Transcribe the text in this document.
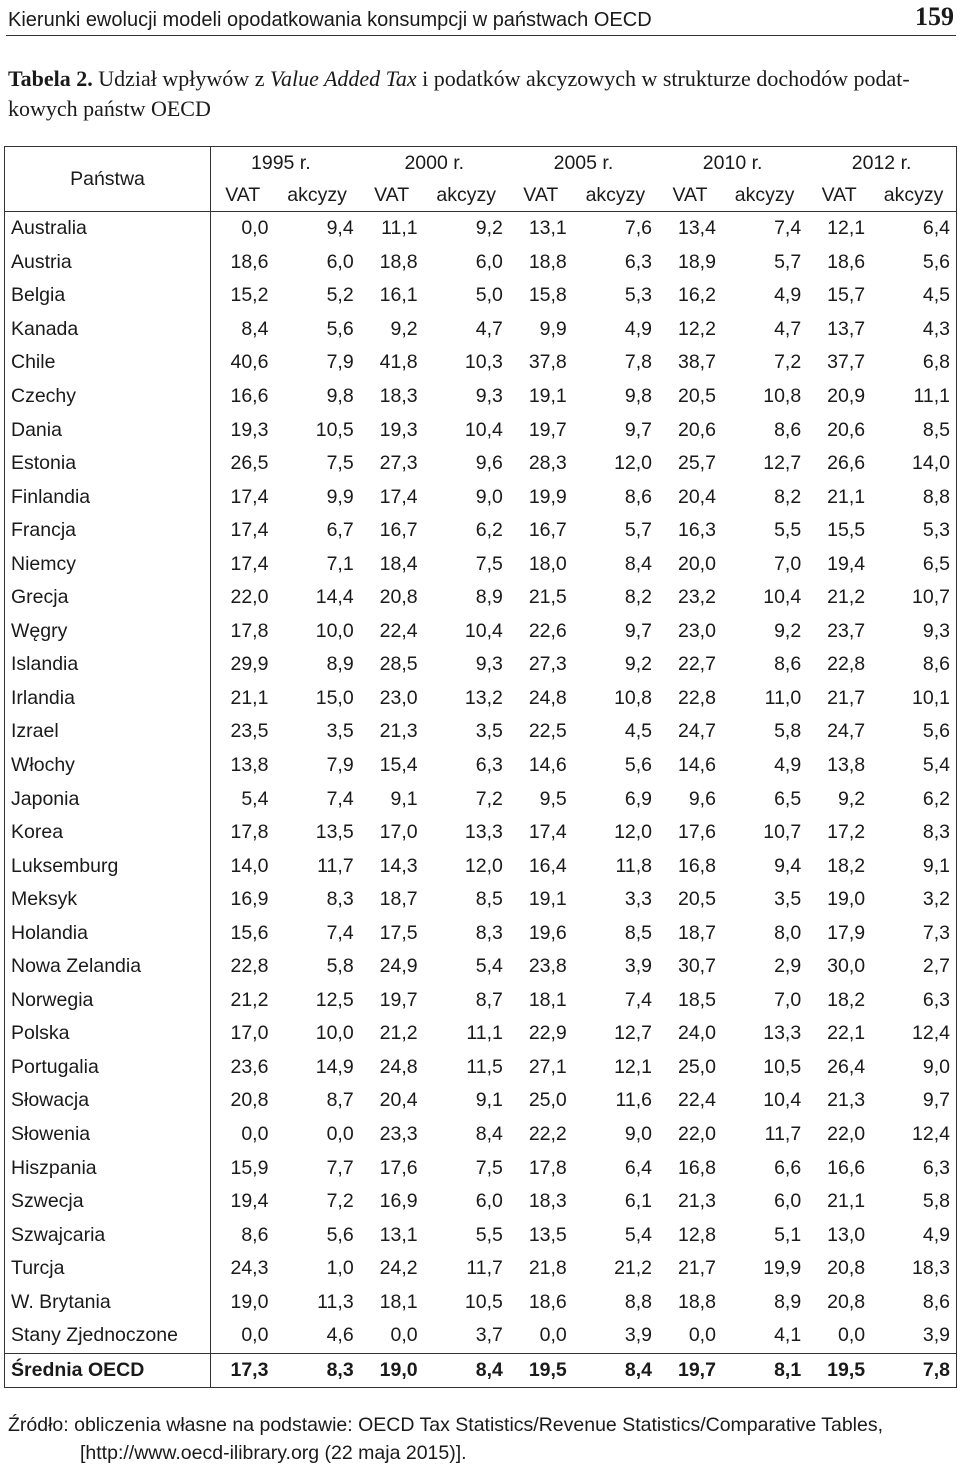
Kierunki ewolucji modeli opodatkowania konsumpcji w państwach OECD	159
Tabela 2. Udział wpływów z Value Added Tax i podatków akcyzowych w strukturze dochodów podat-
kowych państw OECD
Państwa	1995 r.		2000 r.		2005 r.		2010 r.		2012 r.	
	VAT	akcyzy	VAT	akcyzy	VAT	akcyzy	VAT	akcyzy	VAT	akcyzy
Australia	0,0	9,4	11,1	9,2	13,1	7,6	13,4	7,4	12,1	6,4
Austria	18,6	6,0	18,8	6,0	18,8	6,3	18,9	5,7	18,6	5,6
Belgia	15,2	5,2	16,1	5,0	15,8	5,3	16,2	4,9	15,7	4,5
Kanada	8,4	5,6	9,2	4,7	9,9	4,9	12,2	4,7	13,7	4,3
Chile	40,6	7,9	41,8	10,3	37,8	7,8	38,7	7,2	37,7	6,8
Czechy	16,6	9,8	18,3	9,3	19,1	9,8	20,5	10,8	20,9	11,1
Dania	19,3	10,5	19,3	10,4	19,7	9,7	20,6	8,6	20,6	8,5
Estonia	26,5	7,5	27,3	9,6	28,3	12,0	25,7	12,7	26,6	14,0
Finlandia	17,4	9,9	17,4	9,0	19,9	8,6	20,4	8,2	21,1	8,8
Francja	17,4	6,7	16,7	6,2	16,7	5,7	16,3	5,5	15,5	5,3
Niemcy	17,4	7,1	18,4	7,5	18,0	8,4	20,0	7,0	19,4	6,5
Grecja	22,0	14,4	20,8	8,9	21,5	8,2	23,2	10,4	21,2	10,7
Węgry	17,8	10,0	22,4	10,4	22,6	9,7	23,0	9,2	23,7	9,3
Islandia	29,9	8,9	28,5	9,3	27,3	9,2	22,7	8,6	22,8	8,6
Irlandia	21,1	15,0	23,0	13,2	24,8	10,8	22,8	11,0	21,7	10,1
Izrael	23,5	3,5	21,3	3,5	22,5	4,5	24,7	5,8	24,7	5,6
Włochy	13,8	7,9	15,4	6,3	14,6	5,6	14,6	4,9	13,8	5,4
Japonia	5,4	7,4	9,1	7,2	9,5	6,9	9,6	6,5	9,2	6,2
Korea	17,8	13,5	17,0	13,3	17,4	12,0	17,6	10,7	17,2	8,3
Luksemburg	14,0	11,7	14,3	12,0	16,4	11,8	16,8	9,4	18,2	9,1
Meksyk	16,9	8,3	18,7	8,5	19,1	3,3	20,5	3,5	19,0	3,2
Holandia	15,6	7,4	17,5	8,3	19,6	8,5	18,7	8,0	17,9	7,3
Nowa Zelandia	22,8	5,8	24,9	5,4	23,8	3,9	30,7	2,9	30,0	2,7
Norwegia	21,2	12,5	19,7	8,7	18,1	7,4	18,5	7,0	18,2	6,3
Polska	17,0	10,0	21,2	11,1	22,9	12,7	24,0	13,3	22,1	12,4
Portugalia	23,6	14,9	24,8	11,5	27,1	12,1	25,0	10,5	26,4	9,0
Słowacja	20,8	8,7	20,4	9,1	25,0	11,6	22,4	10,4	21,3	9,7
Słowenia	0,0	0,0	23,3	8,4	22,2	9,0	22,0	11,7	22,0	12,4
Hiszpania	15,9	7,7	17,6	7,5	17,8	6,4	16,8	6,6	16,6	6,3
Szwecja	19,4	7,2	16,9	6,0	18,3	6,1	21,3	6,0	21,1	5,8
Szwajcaria	8,6	5,6	13,1	5,5	13,5	5,4	12,8	5,1	13,0	4,9
Turcja	24,3	1,0	24,2	11,7	21,8	21,2	21,7	19,9	20,8	18,3
W. Brytania	19,0	11,3	18,1	10,5	18,6	8,8	18,8	8,9	20,8	8,6
Stany Zjednoczone	0,0	4,6	0,0	3,7	0,0	3,9	0,0	4,1	0,0	3,9
Średnia OECD	17,3	8,3	19,0	8,4	19,5	8,4	19,7	8,1	19,5	7,8
Źródło: obliczenia własne na podstawie: OECD Tax Statistics/Revenue Statistics/Comparative Tables,
[http://www.oecd-ilibrary.org (22 maja 2015)].
